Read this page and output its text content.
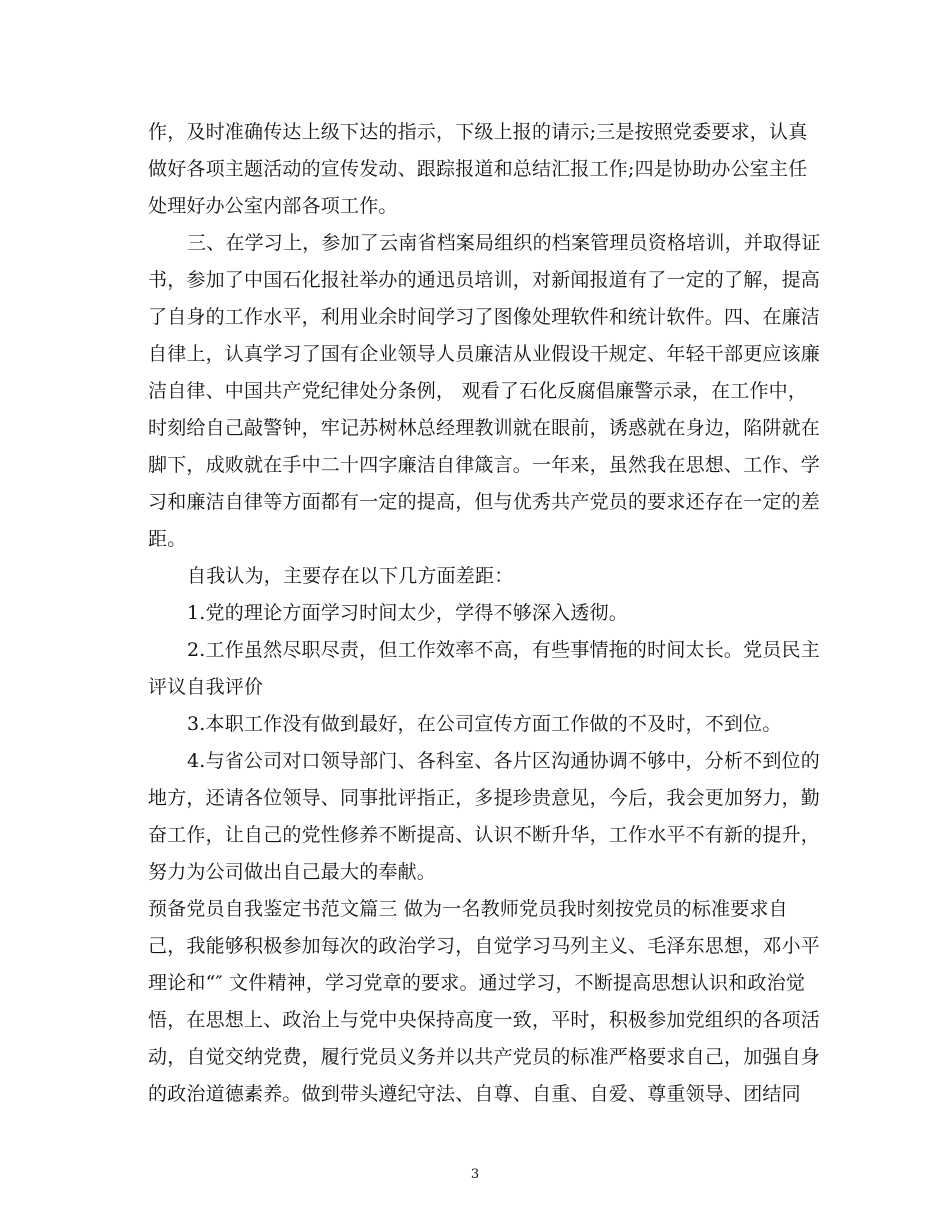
作，及时准确传达上级下达的指示，下级上报的请示;三是按照党委要求，认真
做好各项主题活动的宣传发动、跟踪报道和总结汇报工作;四是协助办公室主任
处理好办公室内部各项工作。
三、在学习上，参加了云南省档案局组织的档案管理员资格培训，并取得证
书，参加了中国石化报社举办的通迅员培训，对新闻报道有了一定的了解，提高
了自身的工作水平，利用业余时间学习了图像处理软件和统计软件。四、在廉洁
自律上，认真学习了国有企业领导人员廉洁从业假设干规定、年轻干部更应该廉
洁自律、中国共产党纪律处分条例， 观看了石化反腐倡廉警示录，在工作中，
时刻给自己敲警钟，牢记苏树林总经理教训就在眼前，诱惑就在身边，陷阱就在
脚下，成败就在手中二十四字廉洁自律箴言。一年来，虽然我在思想、工作、学
习和廉洁自律等方面都有一定的提高，但与优秀共产党员的要求还存在一定的差
距。
自我认为，主要存在以下几方面差距：
1.党的理论方面学习时间太少，学得不够深入透彻。
2.工作虽然尽职尽责，但工作效率不高，有些事情拖的时间太长。党员民主
评议自我评价
3.本职工作没有做到最好，在公司宣传方面工作做的不及时，不到位。
4.与省公司对口领导部门、各科室、各片区沟通协调不够中，分析不到位的
地方，还请各位领导、同事批评指正，多提珍贵意见，今后，我会更加努力，勤
奋工作，让自己的党性修养不断提高、认识不断升华，工作水平不有新的提升，
努力为公司做出自己最大的奉献。
预备党员自我鉴定书范文篇三 做为一名教师党员我时刻按党员的标准要求自
己，我能够积极参加每次的政治学习，自觉学习马列主义、毛泽东思想，邓小平
理论和“″ 文件精神，学习党章的要求。通过学习，不断提高思想认识和政治觉
悟，在思想上、政治上与党中央保持高度一致，平时，积极参加党组织的各项活
动，自觉交纳党费，履行党员义务并以共产党员的标准严格要求自己，加强自身
的政治道德素养。做到带头遵纪守法、自尊、自重、自爱、尊重领导、团结同
3
